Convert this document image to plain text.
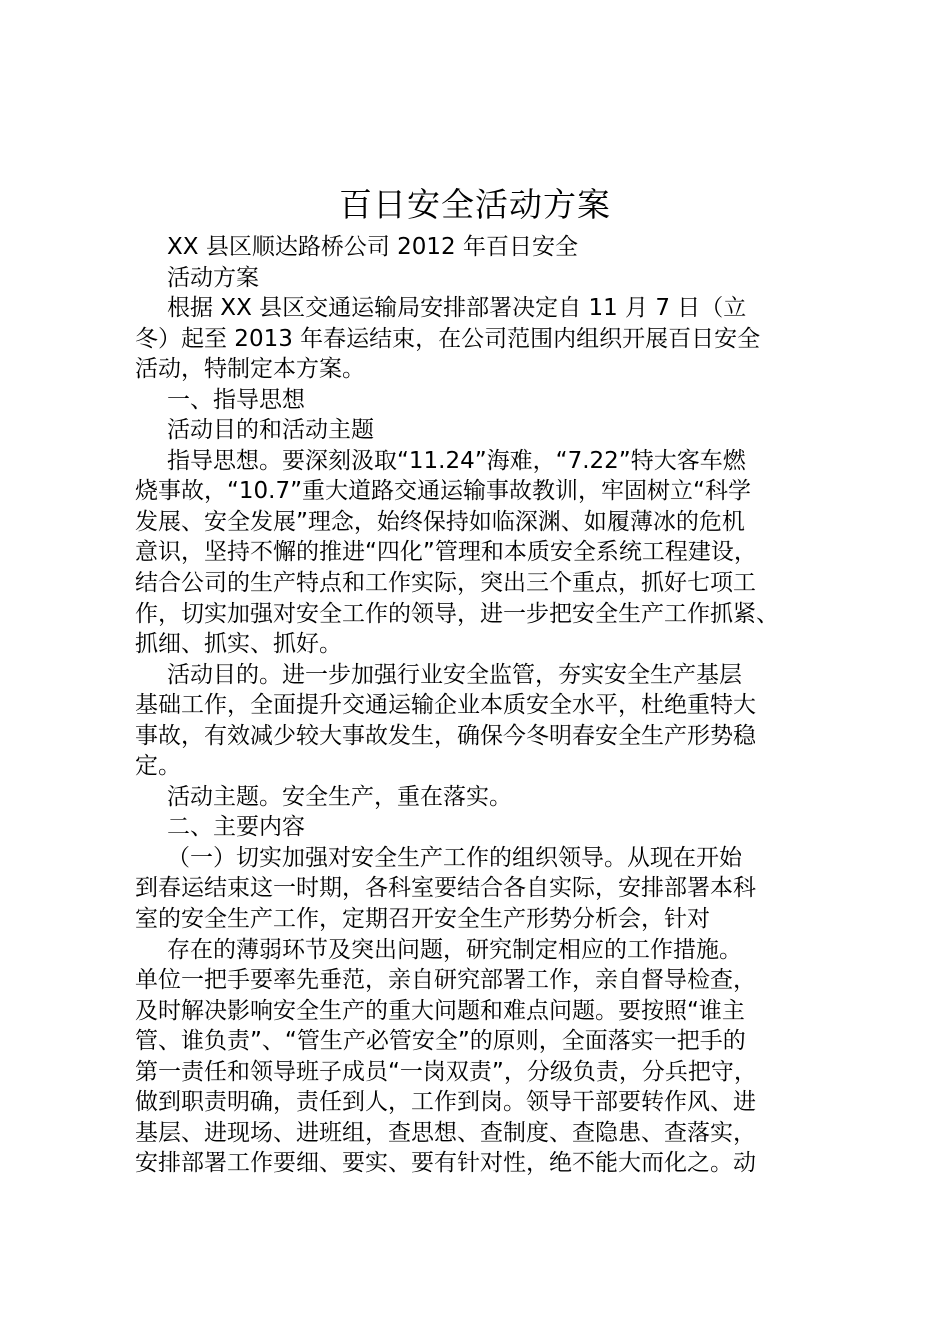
百日安全活动方案
XX 县区顺达路桥公司 2012 年百日安全
活动方案
根据 XX 县区交通运输局安排部署决定自 11 月 7 日（立
冬）起至 2013 年春运结束，在公司范围内组织开展百日安全
活动，特制定本方案。
一、指导思想
活动目的和活动主题
指导思想。要深刻汲取“11.24”海难，“7.22”特大客车燃
烧事故，“10.7”重大道路交通运输事故教训，牢固树立“科学
发展、安全发展”理念，始终保持如临深渊、如履薄冰的危机
意识，坚持不懈的推进“四化”管理和本质安全系统工程建设，
结合公司的生产特点和工作实际，突出三个重点，抓好七项工
作，切实加强对安全工作的领导，进一步把安全生产工作抓紧、
抓细、抓实、抓好。
活动目的。进一步加强行业安全监管，夯实安全生产基层
基础工作，全面提升交通运输企业本质安全水平，杜绝重特大
事故，有效减少较大事故发生，确保今冬明春安全生产形势稳
定。
活动主题。安全生产，重在落实。
二、主要内容
（一）切实加强对安全生产工作的组织领导。从现在开始
到春运结束这一时期，各科室要结合各自实际，安排部署本科
室的安全生产工作，定期召开安全生产形势分析会，针对
存在的薄弱环节及突出问题，研究制定相应的工作措施。
单位一把手要率先垂范，亲自研究部署工作，亲自督导检查，
及时解决影响安全生产的重大问题和难点问题。要按照“谁主
管、谁负责”、“管生产必管安全”的原则，全面落实一把手的
第一责任和领导班子成员“一岗双责”，分级负责，分兵把守，
做到职责明确，责任到人，工作到岗。领导干部要转作风、进
基层、进现场、进班组，查思想、查制度、查隐患、查落实，
安排部署工作要细、要实、要有针对性，绝不能大而化之。动
